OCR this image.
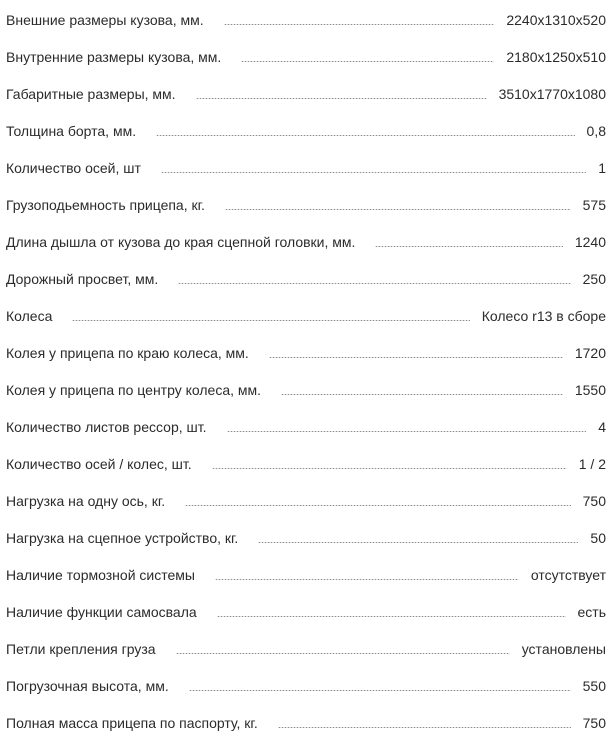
Внешние размеры кузова, мм.	2240x1310x520
Внутренние размеры кузова, мм.	2180x1250x510
Габаритные размеры, мм.	3510x1770x1080
Толщина борта, мм.	0,8
Количество осей, шт	1
Грузоподьемность прицепа, кг.	575
Длина дышла от кузова до края сцепной головки, мм.	1240
Дорожный просвет, мм.	250
Колеса	Колесо r13 в сборе
Колея у прицепа по краю колеса, мм.	1720
Колея у прицепа по центру колеса, мм.	1550
Количество листов рессор, шт.	4
Количество осей / колес, шт.	1 / 2
Нагрузка на одну ось, кг.	750
Нагрузка на сцепное устройство, кг.	50
Наличие тормозной системы	отсутствует
Наличие функции самосвала	есть
Петли крепления груза	установлены
Погрузочная высота, мм.	550
Полная масса прицепа по паспорту, кг.	750
